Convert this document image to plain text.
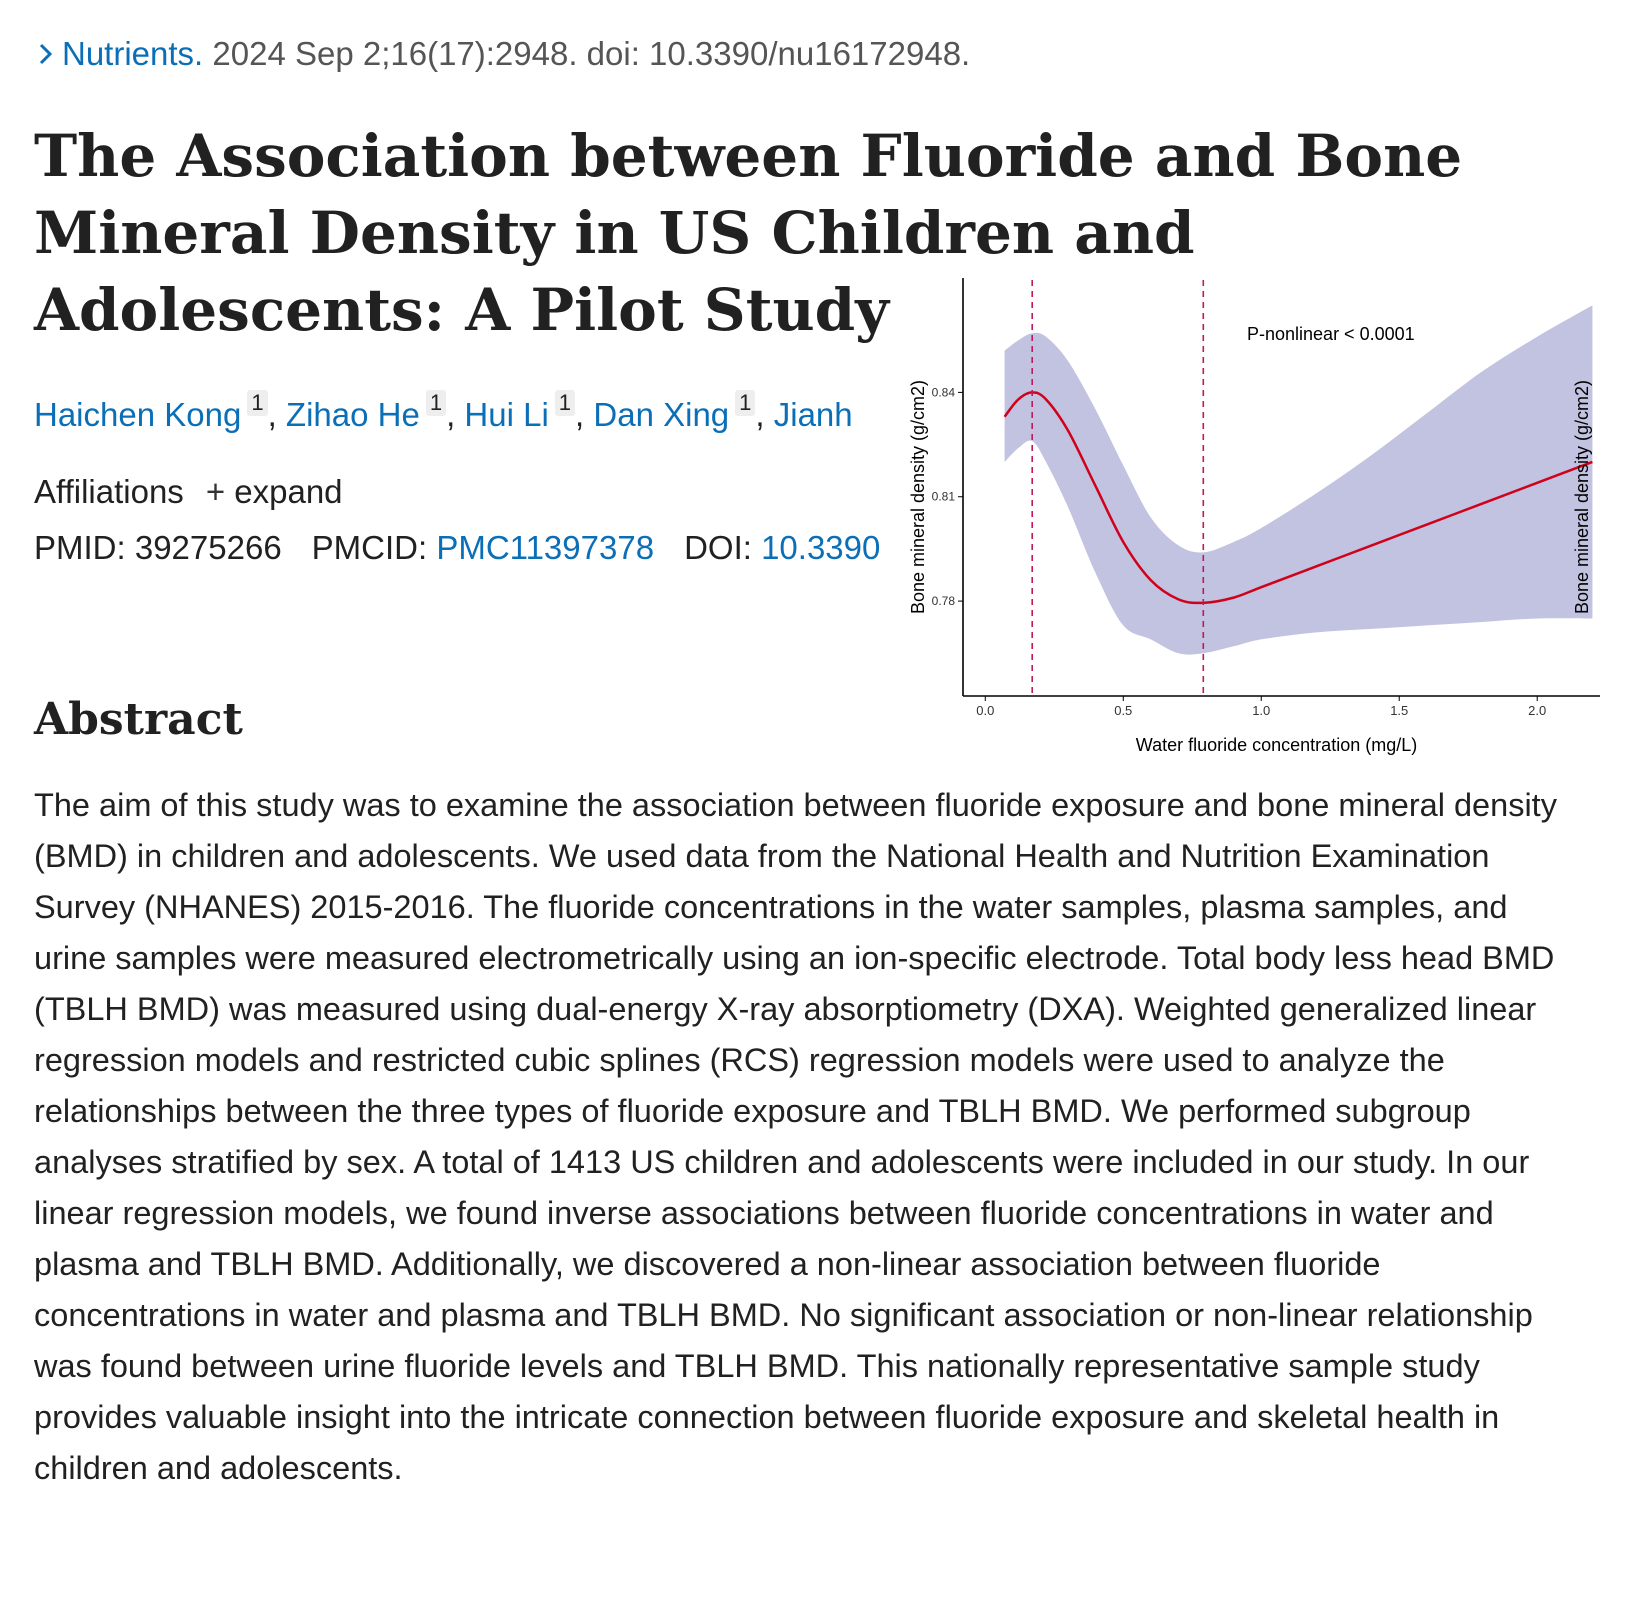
Nutrients. 2024 Sep 2;16(17):2948. doi: 10.3390/nu16172948.
The Association between Fluoride and Bone Mineral Density in US Children and Adolescents: A Pilot Study
Haichen Kong $^1$ , Zihao He $^1$ , Hui Li $^1$ , Dan Xing $^1$ , Jianh
Affiliations + expand
PMID: 39275266 PMCID: PMC11397378 DOI: 10.3390
Abstract

The aim of this study was to examine the association between fluoride exposure and bone mineral density (BMD) in children and adolescents. We used data from the National Health and Nutrition Examination Survey (NHANES) 2015-2016. The fluoride concentrations in the water samples, plasma samples, and urine samples were measured electrometrically using an ion-specific electrode. Total body less head BMD (TBLH BMD) was measured using dual-energy X-ray absorptiometry (DXA). Weighted generalized linear regression models and restricted cubic splines (RCS) regression models were used to analyze the relationships between the three types of fluoride exposure and TBLH BMD. We performed subgroup analyses stratified by sex. A total of 1413 US children and adolescents were included in our study. In our linear regression models, we found inverse associations between fluoride concentrations in water and plasma and TBLH BMD. Additionally, we discovered a non-linear association between fluoride concentrations in water and plasma and TBLH BMD. No significant association or non-linear relationship was found between urine fluoride levels and TBLH BMD. This nationally representative sample study provides valuable insight into the intricate connection between fluoride exposure and skeletal health in children and adolescents.

0.78
0.81
0.84
0.0	0.5	1.0	1.5	2.0
Water fluoride concentration (mg/L)
Bone mineral density (g/cm2)	Bone mineral density (g/cm2)
P-nonlinear < 0.0001
